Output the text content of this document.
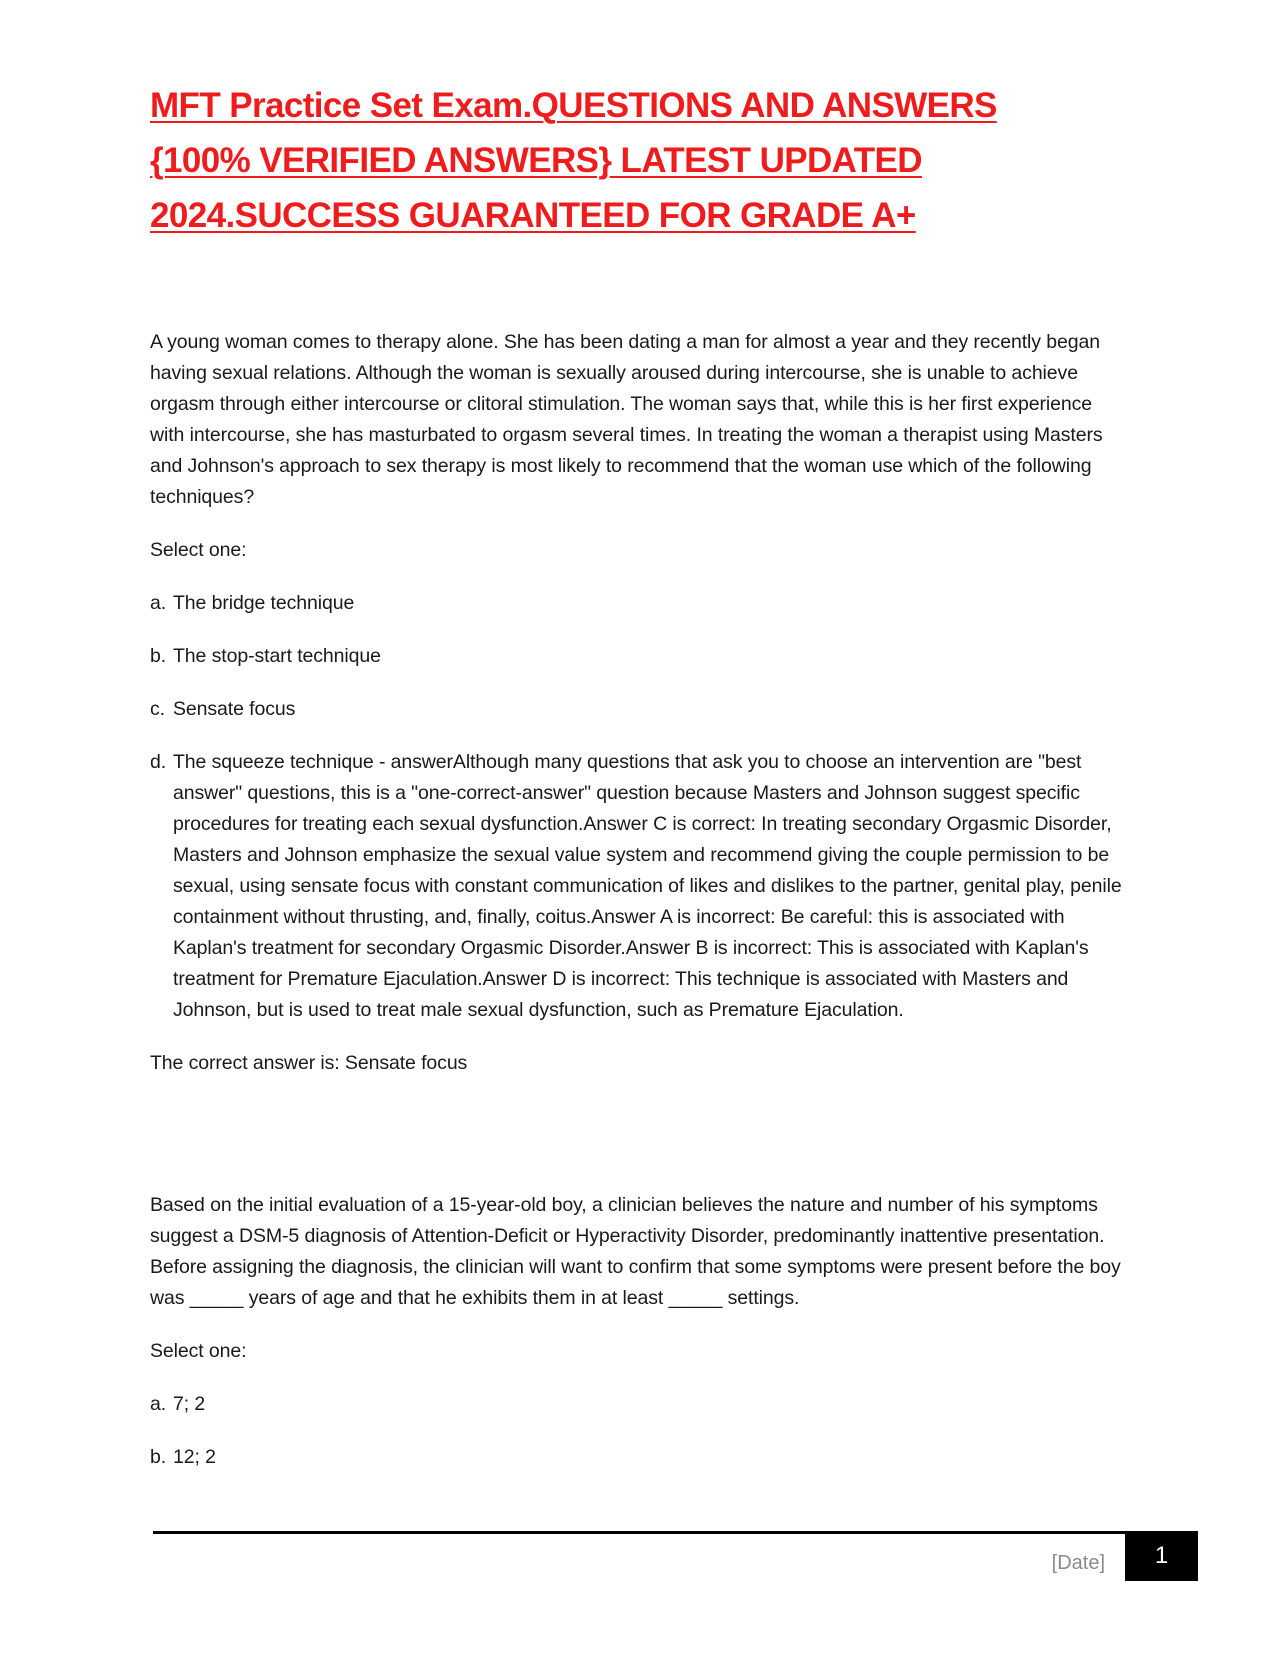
MFT Practice Set Exam.QUESTIONS AND ANSWERS
{100% VERIFIED ANSWERS} LATEST UPDATED
2024.SUCCESS GUARANTEED FOR GRADE A+

A young woman comes to therapy alone. She has been dating a man for almost a year and they recently began having sexual relations. Although the woman is sexually aroused during intercourse, she is unable to achieve orgasm through either intercourse or clitoral stimulation. The woman says that, while this is her first experience with intercourse, she has masturbated to orgasm several times. In treating the woman a therapist using Masters and Johnson's approach to sex therapy is most likely to recommend that the woman use which of the following techniques?

Select one:

a. The bridge technique

b. The stop-start technique

c. Sensate focus

d. The squeeze technique - answerAlthough many questions that ask you to choose an intervention are "best answer" questions, this is a "one-correct-answer" question because Masters and Johnson suggest specific procedures for treating each sexual dysfunction.Answer C is correct: In treating secondary Orgasmic Disorder, Masters and Johnson emphasize the sexual value system and recommend giving the couple permission to be sexual, using sensate focus with constant communication of likes and dislikes to the partner, genital play, penile containment without thrusting, and, finally, coitus.Answer A is incorrect: Be careful: this is associated with Kaplan's treatment for secondary Orgasmic Disorder.Answer B is incorrect: This is associated with Kaplan's treatment for Premature Ejaculation.Answer D is incorrect: This technique is associated with Masters and Johnson, but is used to treat male sexual dysfunction, such as Premature Ejaculation.

The correct answer is: Sensate focus

Based on the initial evaluation of a 15-year-old boy, a clinician believes the nature and number of his symptoms suggest a DSM-5 diagnosis of Attention-Deficit or Hyperactivity Disorder, predominantly inattentive presentation. Before assigning the diagnosis, the clinician will want to confirm that some symptoms were present before the boy was _____ years of age and that he exhibits them in at least _____ settings.

Select one:

a. 7; 2

b. 12; 2

[Date] 1
